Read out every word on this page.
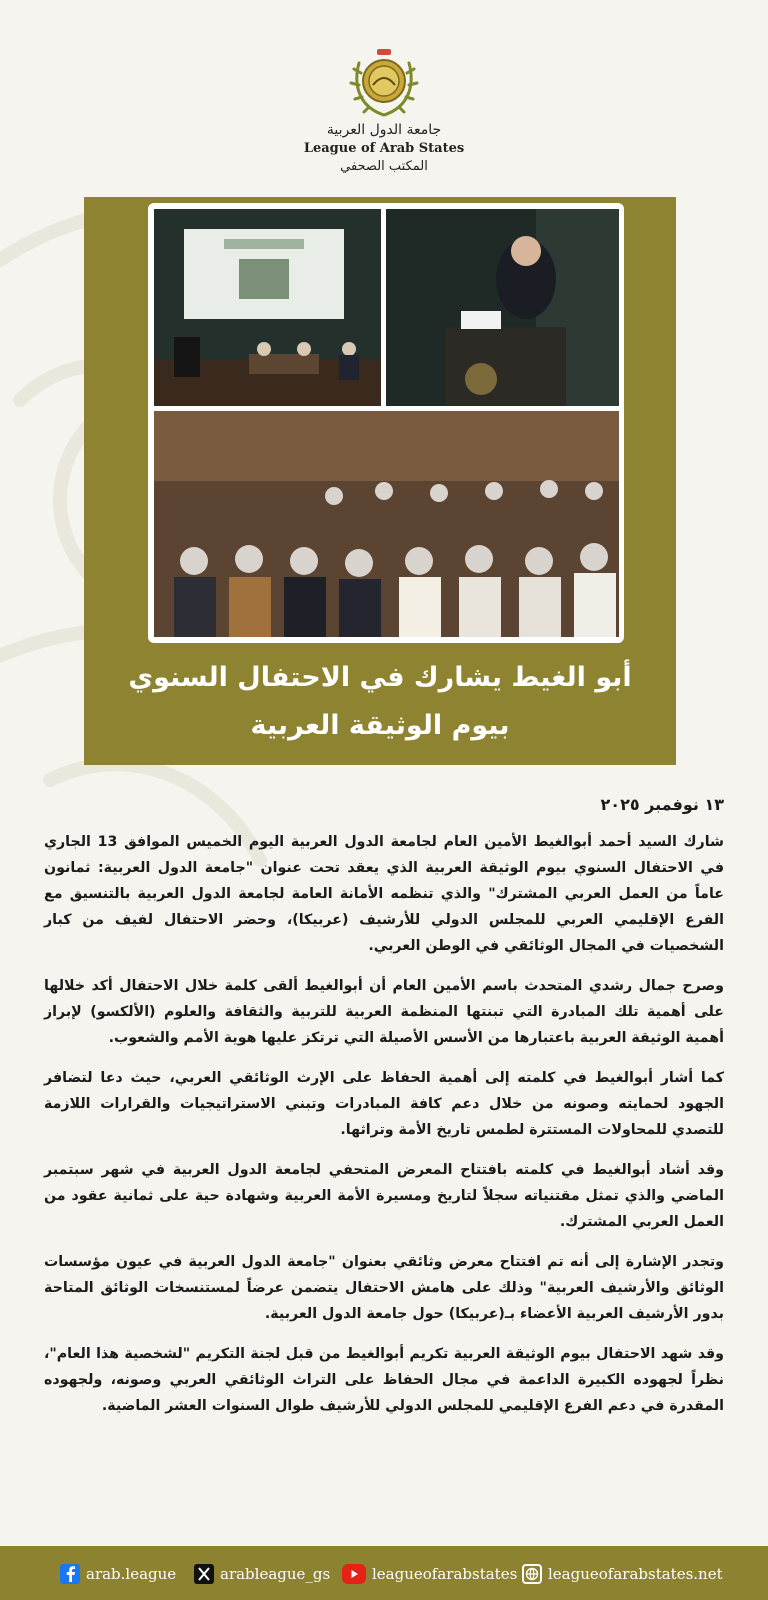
جامعة الدول العربية
League of Arab States
المكتب الصحفي
أبو الغيط يشارك في الاحتفال السنوي
بيوم الوثيقة العربية
١٣ نوفمبر ٢٠٢٥

شارك السيد أحمد أبوالغيط الأمين العام لجامعة الدول العربية اليوم الخميس الموافق 13 الجاري في الاحتفال السنوي بيوم الوثيقة العربية الذي يعقد تحت عنوان "جامعة الدول العربية: ثمانون عاماً من العمل العربي المشترك" والذي تنظمه الأمانة العامة لجامعة الدول العربية بالتنسيق مع الفرع الإقليمي العربي للمجلس الدولي للأرشيف (عربيكا)، وحضر الاحتفال لفيف من كبار الشخصيات في المجال الوثائقي في الوطن العربي.

وصرح جمال رشدي المتحدث باسم الأمين العام أن أبوالغيط ألقى كلمة خلال الاحتفال أكد خلالها على أهمية تلك المبادرة التي تبنتها المنظمة العربية للتربية والثقافة والعلوم (الألكسو) لإبراز أهمية الوثيقة العربية باعتبارها من الأسس الأصيلة التي ترتكز عليها هوية الأمم والشعوب.

كما أشار أبوالغيط في كلمته إلى أهمية الحفاظ على الإرث الوثائقي العربي، حيث دعا لتضافر الجهود لحمايته وصونه من خلال دعم كافة المبادرات وتبني الاستراتيجيات والقرارات اللازمة للتصدي للمحاولات المستترة لطمس تاريخ الأمة وتراثها.

وقد أشاد أبوالغيط في كلمته بافتتاح المعرض المتحفي لجامعة الدول العربية في شهر سبتمبر الماضي والذي تمثل مقتنياته سجلاً لتاريخ ومسيرة الأمة العربية وشهادة حية على ثمانية عقود من العمل العربي المشترك.

وتجدر الإشارة إلى أنه تم افتتاح معرض وثائقي بعنوان "جامعة الدول العربية في عيون مؤسسات الوثائق والأرشيف العربية" وذلك على هامش الاحتفال يتضمن عرضاً لمستنسخات الوثائق المتاحة بدور الأرشيف العربية الأعضاء بـ(عربيكا) حول جامعة الدول العربية.

وقد شهد الاحتفال بيوم الوثيقة العربية تكريم أبوالغيط من قبل لجنة التكريم "لشخصية هذا العام"، نظراً لجهوده الكبيرة الداعمة في مجال الحفاظ على التراث الوثائقي العربي وصونه، ولجهوده المقدرة في دعم الفرع الإقليمي للمجلس الدولي للأرشيف طوال السنوات العشر الماضية.

arab.league	arableague_gs	leagueofarabstates leagueofarabstates.net
